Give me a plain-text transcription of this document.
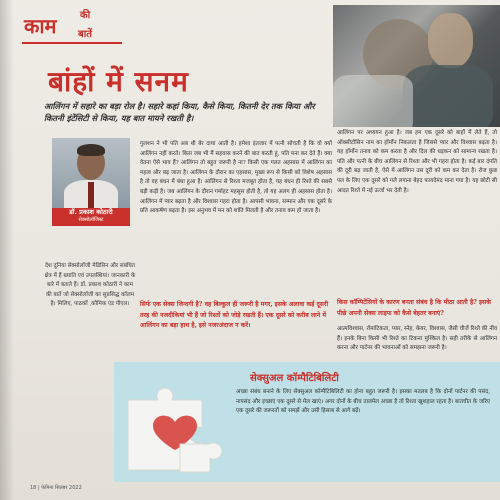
काम की
बातें
बांहों में सनम
आलिंगन में सहारे का बड़ा रोल है। सहारे कहां किया, कैसे किया, कितनी देर तक किया और कितनी इंटेंसिटी से किया, यह बात मायने रखती है।
डॉ. प्रकाश कोठारी
सेक्सोलॉजिस्ट
देश दुनिया सेक्सोलॉजी मेडिसिन और संबंधित क्षेत्र में हैं ख्याति एवं उपलब्धियां। जानकारी के बारे में बताते हैं। डॉ. प्रकाश कोठारी ने काम की बातें जो सेक्सोलॉजी का सुप्रसिद्ध कॉलम है। मिलिए, पाठकों ,कौमिक एंड पीएल।
गुलशन ने भी पति अब थी बेर दाया आती है। हमेशा इंतजार में पत्नी सोचती है कि वो क्यों आलिंगन नहीं करते। किस जब भी मैं सहवास करने की बात करती हूं, पति मना कर देते हैं। क्या वेतना ऐसे भाव हैं? आलिंगन तो बहुत जरूरी है ना? किसी एक गलत अहसास में आलिंगन का महत्व और बढ़ जाता है। आलिंगन के दौरान का एहसास, मुख्य रूप से किसी को विशेष अहसास है तो वह बंधन में बंधा हुआ है। आलिंगन से रिश्ता मजबूत होता है, यह बंधन ही रिश्ते की सबसे बड़ी कड़ी है। जब आलिंगन के दौरान गर्माहट महसूस होती है, तो यह अलग ही अहसास होता है। आलिंगन में प्यार बढ़ता है और विश्वास गहरा होता है। आपसी भावना, सम्मान और एक दूसरे के प्रति आकर्षण बढ़ता है। इस अनुभव में मन को शांति मिलती है और तनाव कम हो जाता है।
सिर्फ एक सेक्स जिन्दगी है? वह बिल्कुल ही जरूरी है मगर, इसके अलावा कई दूसरी तरह की नजदीकियां भी हैं जो रिश्तों को जोड़े रखती हैं। एक दूसरे को करीब लाने में आलिंगन का बड़ा हाथ है, इसे नजरअंदाज न करें।
आलिंगन पर अध्ययन हुआ है। जब हम एक दूसरे को बाहों में लेते हैं, तो ऑक्सीटोसिन नाम का हॉर्मोन निकलता है जिससे प्यार और विश्वास बढ़ता है। यह हॉर्मोन तनाव को कम करता है और दिल की धड़कन को सामान्य रखता है। पति और पत्नी के बीच आलिंगन से रिश्ता और भी गहरा होता है। कई बार दंपति की दूरी बढ़ जाती है, ऐसे में आलिंगन उस दूरी को कम कर देता है। रोज कुछ पल के लिए एक दूसरे को गले लगाना बेहद फायदेमंद माना गया है। यह छोटी सी आदत रिश्ते में नई ऊर्जा भर देती है।
किस कॉम्पिटेंसियों के कारण बनता संबंध है कि मीठा आती है? इसके पीछे अपनी सेक्स लाइफ को कैसे बेहतर बनाएं?
आत्मविश्वास, रोमांटिकता, प्यार, स्नेह, केयर, विश्वास, जैसी चीजें रिश्ते की नींव हैं। इनके बिना किसी भी रिश्ते का टिकना मुश्किल है। सही तरीके से आलिंगन करना और पार्टनर की भावनाओं को समझना जरूरी है।
सेक्सुअल कॉम्पैटिबिलिटी
अच्छा संबंध बनाने के लिए सेक्सुअल कॉम्पैटिबिलिटी का होना बहुत जरूरी है। इसका मतलब है कि दोनों पार्टनर की पसंद, नापसंद और इच्छाएं एक दूसरे से मेल खाएं। अगर दोनों के बीच तालमेल अच्छा है तो रिश्ता खुशहाल रहता है। बातचीत के जरिए एक दूसरे की जरूरतों को समझें और उसी हिसाब से आगे बढ़ें।
18 | फेमिना सितंबर 2022
